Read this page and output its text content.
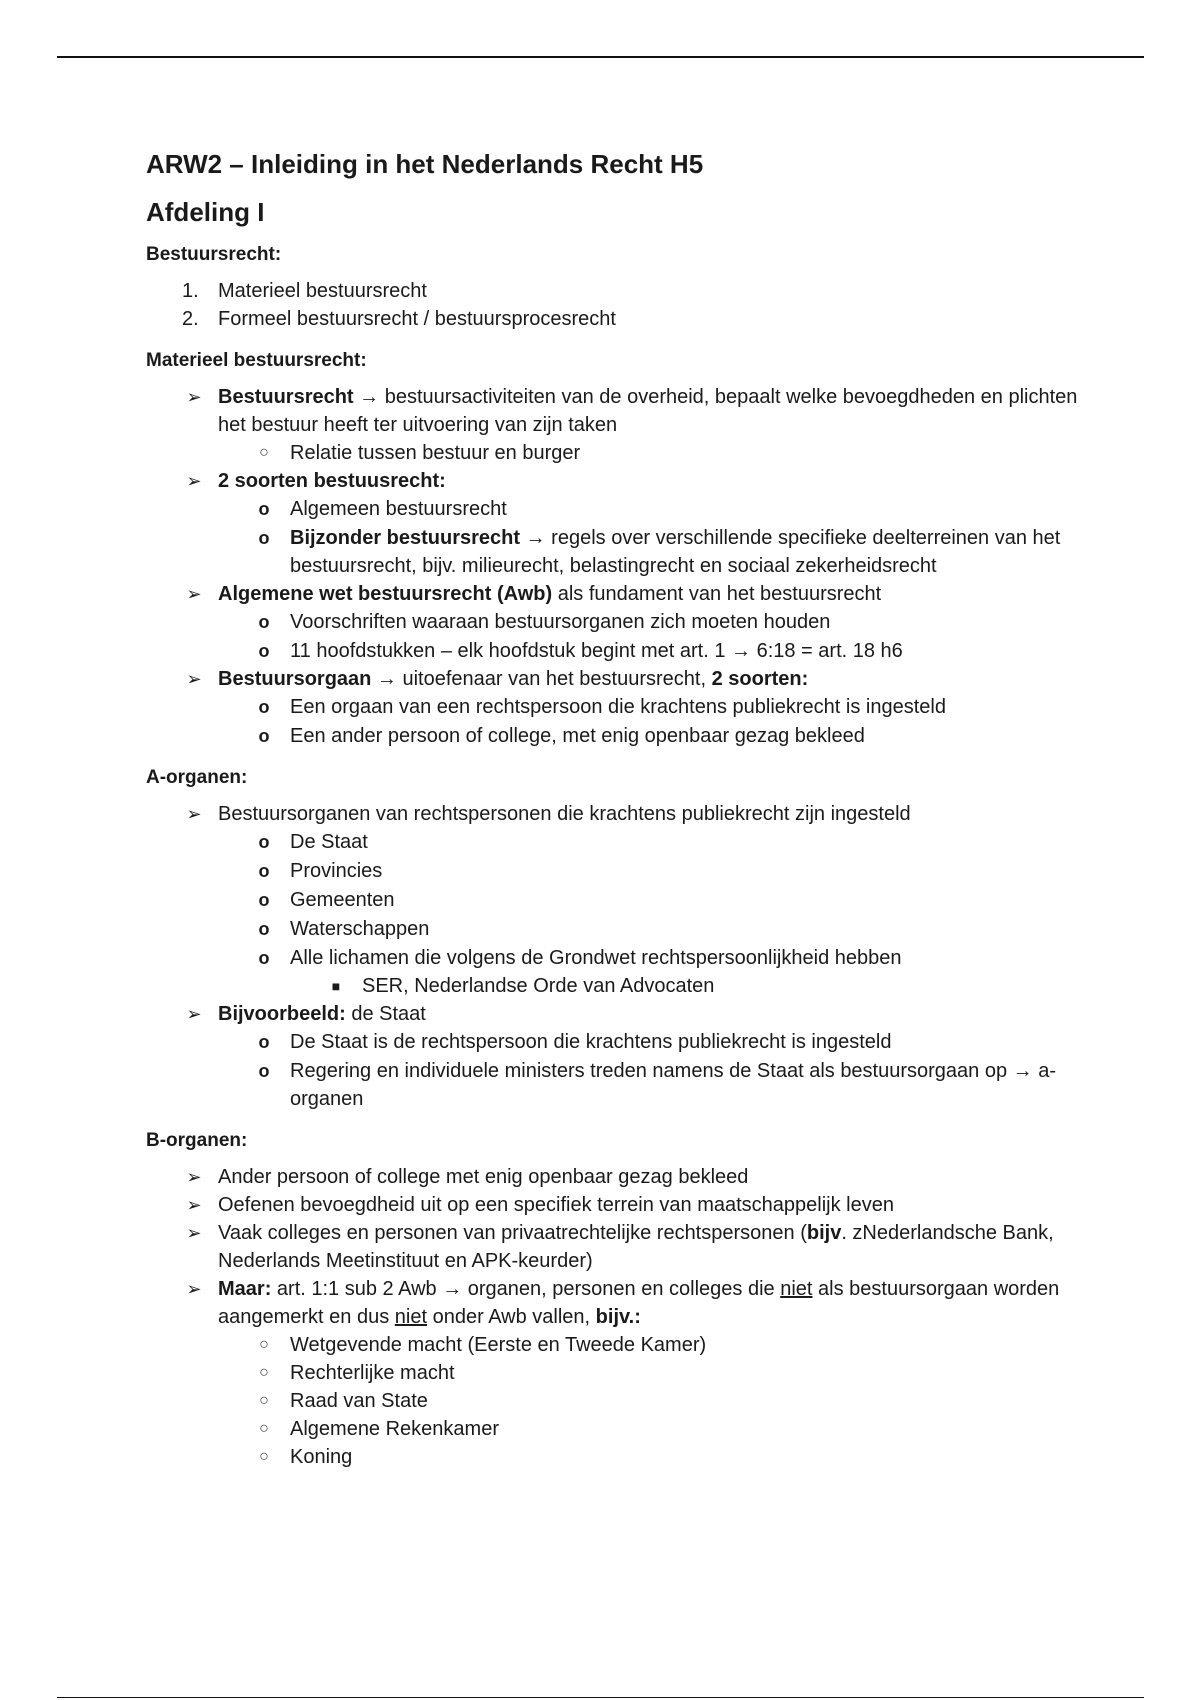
ARW2 – Inleiding in het Nederlands Recht H5
Afdeling I

Bestuursrecht:

1. Materieel bestuursrecht
2. Formeel bestuursrecht / bestuursprocesrecht

Materieel bestuursrecht:

➢ Bestuursrecht → bestuursactiviteiten van de overheid, bepaalt welke bevoegdheden en plichten het bestuur heeft ter uitvoering van zijn taken
○ Relatie tussen bestuur en burger
➢ 2 soorten bestuusrecht:
o Algemeen bestuursrecht
o Bijzonder bestuursrecht → regels over verschillende specifieke deelterreinen van het bestuursrecht, bijv. milieurecht, belastingrecht en sociaal zekerheidsrecht
➢ Algemene wet bestuursrecht (Awb) als fundament van het bestuursrecht
o Voorschriften waaraan bestuursorganen zich moeten houden
o 11 hoofdstukken – elk hoofdstuk begint met art. 1 → 6:18 = art. 18 h6
➢ Bestuursorgaan → uitoefenaar van het bestuursrecht, 2 soorten:
o Een orgaan van een rechtspersoon die krachtens publiekrecht is ingesteld
o Een ander persoon of college, met enig openbaar gezag bekleed

A-organen:

➢ Bestuursorganen van rechtspersonen die krachtens publiekrecht zijn ingesteld
o De Staat
o Provincies
o Gemeenten
o Waterschappen
o Alle lichamen die volgens de Grondwet rechtspersoonlijkheid hebben
■ SER, Nederlandse Orde van Advocaten
➢ Bijvoorbeeld: de Staat
o De Staat is de rechtspersoon die krachtens publiekrecht is ingesteld
o Regering en individuele ministers treden namens de Staat als bestuursorgaan op → a-organen

B-organen:

➢ Ander persoon of college met enig openbaar gezag bekleed
➢ Oefenen bevoegdheid uit op een specifiek terrein van maatschappelijk leven
➢ Vaak colleges en personen van privaatrechtelijke rechtspersonen (bijv. zNederlandsche Bank, Nederlands Meetinstituut en APK-keurder)
➢ Maar: art. 1:1 sub 2 Awb → organen, personen en colleges die niet als bestuursorgaan worden aangemerkt en dus niet onder Awb vallen, bijv.:
○ Wetgevende macht (Eerste en Tweede Kamer)
○ Rechterlijke macht
○ Raad van State
○ Algemene Rekenkamer
○ Koning
